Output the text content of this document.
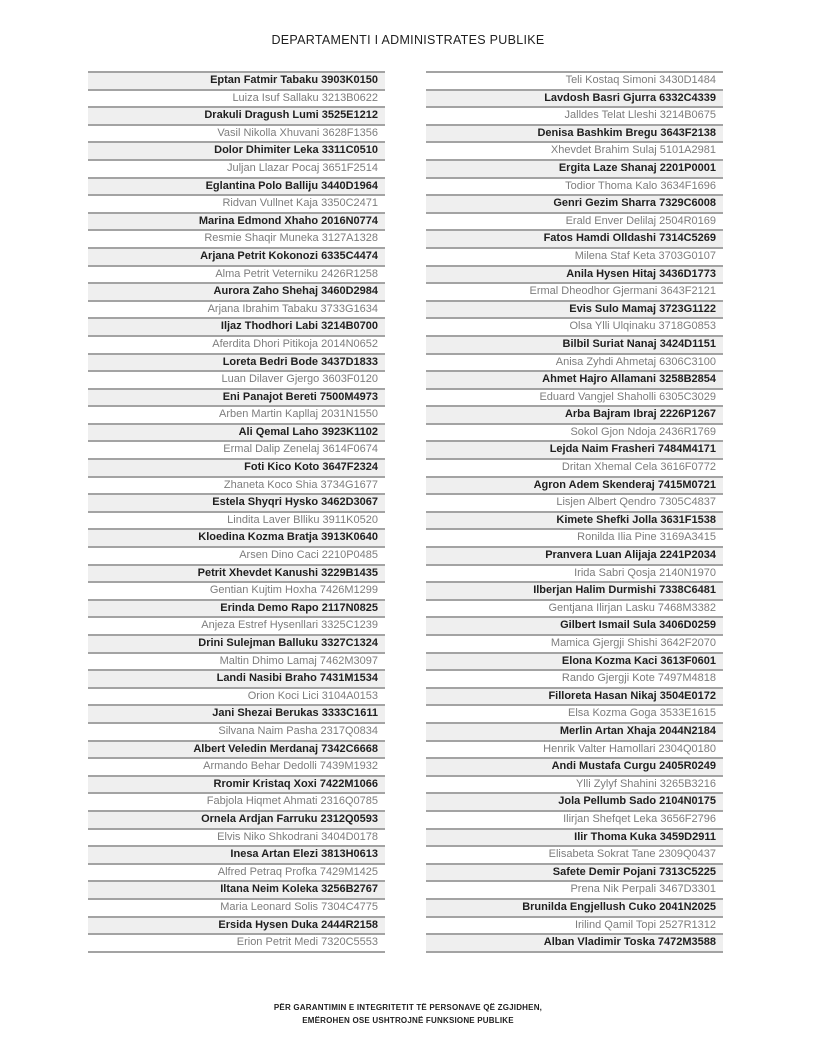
DEPARTAMENTI I ADMINISTRATES PUBLIKE
Eptan Fatmir Tabaku 3903K0150
Luiza Isuf Sallaku 3213B0622
Drakuli Dragush Lumi 3525E1212
Vasil Nikolla Xhuvani 3628F1356
Dolor Dhimiter Leka 3311C0510
Juljan Llazar Pocaj 3651F2514
Eglantina Polo Balliju 3440D1964
Ridvan Vullnet Kaja 3350C2471
Marina Edmond Xhaho 2016N0774
Resmie Shaqir Muneka 3127A1328
Arjana Petrit Kokonozi 6335C4474
Alma Petrit Veterniku 2426R1258
Aurora Zaho Shehaj 3460D2984
Arjana Ibrahim Tabaku 3733G1634
Iljaz Thodhori Labi 3214B0700
Aferdita Dhori Pitikoja 2014N0652
Loreta Bedri Bode 3437D1833
Luan Dilaver Gjergo 3603F0120
Eni Panajot Bereti 7500M4973
Arben Martin Kapllaj 2031N1550
Ali Qemal Laho 3923K1102
Ermal Dalip Zenelaj 3614F0674
Foti Kico Koto 3647F2324
Zhaneta Koco Shia 3734G1677
Estela Shyqri Hysko 3462D3067
Lindita Laver Blliku 3911K0520
Kloedina Kozma Bratja 3913K0640
Arsen Dino Caci 2210P0485
Petrit Xhevdet Kanushi 3229B1435
Gentian Kujtim Hoxha 7426M1299
Erinda Demo Rapo 2117N0825
Anjeza Estref Hysenllari 3325C1239
Drini Sulejman Balluku 3327C1324
Maltin Dhimo Lamaj 7462M3097
Landi Nasibi Braho 7431M1534
Orion Koci Lici 3104A0153
Jani Shezai Berukas 3333C1611
Silvana Naim Pasha 2317Q0834
Albert Veledin Merdanaj 7342C6668
Armando Behar Dedolli 7439M1932
Rromir Kristaq Xoxi 7422M1066
Fabjola Hiqmet Ahmati 2316Q0785
Ornela Ardjan Farruku 2312Q0593
Elvis Niko Shkodrani 3404D0178
Inesa Artan Elezi 3813H0613
Alfred Petraq Profka 7429M1425
Iltana Neim Koleka 3256B2767
Maria Leonard Solis 7304C4775
Ersida Hysen Duka 2444R2158
Erion Petrit Medi 7320C5553
Teli Kostaq Simoni 3430D1484
Lavdosh Basri Gjurra 6332C4339
Jalldes Telat Lleshi 3214B0675
Denisa Bashkim Bregu 3643F2138
Xhevdet Brahim Sulaj 5101A2981
Ergita Laze Shanaj 2201P0001
Todior Thoma Kalo 3634F1696
Genri Gezim Sharra 7329C6008
Erald Enver Delilaj 2504R0169
Fatos Hamdi Olldashi 7314C5269
Milena Staf Keta 3703G0107
Anila Hysen Hitaj 3436D1773
Ermal Dheodhor Gjermani 3643F2121
Evis Sulo Mamaj 3723G1122
Olsa Ylli Ulqinaku 3718G0853
Bilbil Suriat Nanaj 3424D1151
Anisa Zyhdi Ahmetaj 6306C3100
Ahmet Hajro Allamani 3258B2854
Eduard Vangjel Shaholli 6305C3029
Arba Bajram Ibraj 2226P1267
Sokol Gjon Ndoja 2436R1769
Lejda Naim Frasheri 7484M4171
Dritan Xhemal Cela 3616F0772
Agron Adem Skenderaj 7415M0721
Lisjen Albert Qendro 7305C4837
Kimete Shefki Jolla 3631F1538
Ronilda Ilia Pine 3169A3415
Pranvera Luan Alijaja 2241P2034
Irida Sabri Qosja 2140N1970
Ilberjan Halim Durmishi 7338C6481
Gentjana Ilirjan Lasku 7468M3382
Gilbert Ismail Sula 3406D0259
Mamica Gjergji Shishi 3642F2070
Elona Kozma Kaci 3613F0601
Rando Gjergji Kote 7497M4818
Filloreta Hasan Nikaj 3504E0172
Elsa Kozma Goga 3533E1615
Merlin Artan Xhaja 2044N2184
Henrik Valter Hamollari 2304Q0180
Andi Mustafa Curgu 2405R0249
Ylli Zylyf Shahini 3265B3216
Jola Pellumb Sado 2104N0175
Ilirjan Shefqet Leka 3656F2796
Ilir Thoma Kuka 3459D2911
Elisabeta Sokrat Tane 2309Q0437
Safete Demir Pojani 7313C5225
Prena Nik Perpali 3467D3301
Brunilda Engjellush Cuko 2041N2025
Irilind Qamil Topi 2527R1312
Alban Vladimir Toska 7472M3588
PËR GARANTIMIN E INTEGRITETIT TË PERSONAVE QË ZGJIDHEN,
EMËROHEN OSE USHTROJNË FUNKSIONE PUBLIKE
